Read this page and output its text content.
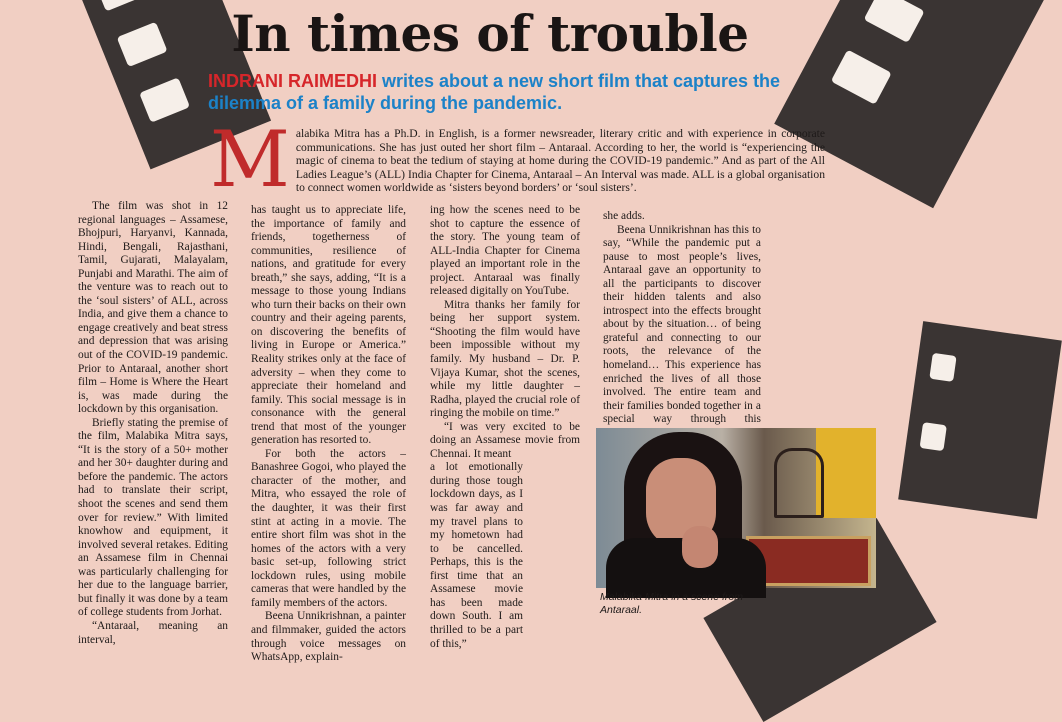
In times of trouble
INDRANI RAIMEDHI writes about a new short film that captures the dilemma of a family during the pandemic.
Malabika Mitra has a Ph.D. in English, is a former newsreader, literary critic and with experience in corporate communications. She has just outed her short film – Antaraal. According to her, the world is “experiencing the magic of cinema to beat the tedium of staying at home during the COVID-19 pandemic.” And as part of the All Ladies League’s (ALL) India Chapter for Cinema, Antaraal – An Interval was made. ALL is a global organisation to connect women worldwide as ‘sisters beyond borders’ or ‘soul sisters’.

The film was shot in 12 regional languages – Assamese, Bhojpuri, Haryanvi, Kannada, Hindi, Bengali, Rajasthani, Tamil, Gujarati, Malayalam, Punjabi and Marathi. The aim of the venture was to reach out to the ‘soul sisters’ of ALL, across India, and give them a chance to engage creatively and beat stress and depression that was arising out of the COVID-19 pandemic. Prior to Antaraal, another short film – Home is Where the Heart is, was made during the lockdown by this organisation.

Briefly stating the premise of the film, Malabika Mitra says, “It is the story of a 50+ mother and her 30+ daughter during and before the pandemic. The actors had to translate their script, shoot the scenes and send them over for review.” With limited knowhow and equipment, it involved several retakes. Editing an Assamese film in Chennai was particularly challenging for her due to the language barrier, but finally it was done by a team of college students from Jorhat.

“Antaraal, meaning an interval,

has taught us to appreciate life, the importance of family and friends, togetherness of communities, resilience of nations, and gratitude for every breath,” she says, adding, “It is a message to those young Indians who turn their backs on their own country and their ageing parents, on discovering the benefits of living in Europe or America.” Reality strikes only at the face of adversity – when they come to appreciate their homeland and family. This social message is in consonance with the general trend that most of the younger generation has resorted to.

For both the actors – Banashree Gogoi, who played the character of the mother, and Mitra, who essayed the role of the daughter, it was their first stint at acting in a movie. The entire short film was shot in the homes of the actors with a very basic set-up, following strict lockdown rules, using mobile cameras that were handled by the family members of the actors.

Beena Unnikrishnan, a painter and filmmaker, guided the actors through voice messages on WhatsApp, explain-

ing how the scenes need to be shot to capture the essence of the story. The young team of ALL-India Chapter for Cinema played an important role in the project. Antaraal was finally released digitally on YouTube.

Mitra thanks her family for being her support system. “Shooting the film would have been impossible without my family. My husband – Dr. P. Vijaya Kumar, shot the scenes, while my little daughter – Radha, played the crucial role of ringing the mobile on time.”

“I was very excited to be doing an Assamese movie from Chennai. It meant

a lot emotionally during those tough lockdown days, as I was far away and my travel plans to my hometown had to be cancelled. Perhaps, this is the first time that an Assamese movie has been made down South. I am thrilled to be a part of this,”

she adds.

Beena Unnikrishnan has this to say, “While the pandemic put a pause to most people’s lives, Antaraal gave an opportunity to all the participants to discover their hidden talents and also introspect into the effects brought about by the situation… of being grateful and connecting to our roots, the relevance of the homeland… This experience has enriched the lives of all those involved. The entire team and their families bonded together in a special way through this

Malabika Mitra in a scene from Antaraal.
